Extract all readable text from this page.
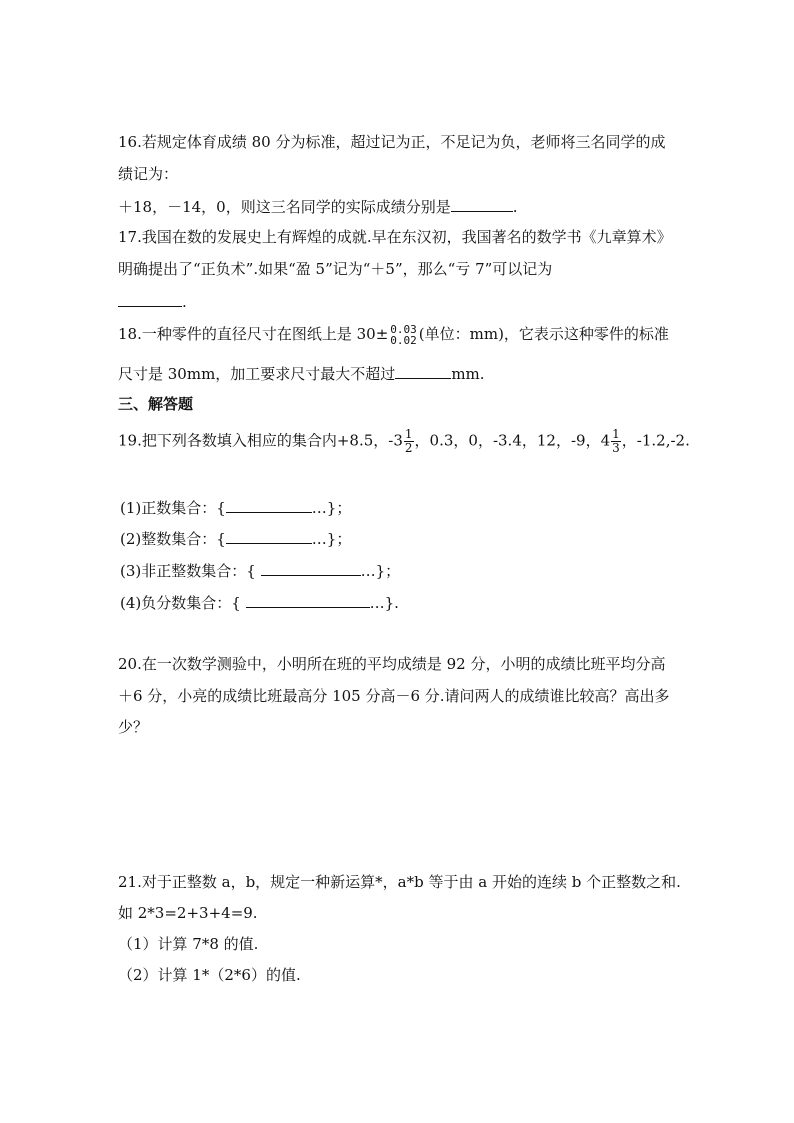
16.若规定体育成绩 80 分为标准，超过记为正，不足记为负，老师将三名同学的成
绩记为：
＋18，－14，0，则这三名同学的实际成绩分别是	.
17.我国在数的发展史上有辉煌的成就.早在东汉初，我国著名的数学书《九章算术》
明确提出了“正负术”.如果“盈 5”记为“＋5”，那么“亏 7”可以记为
.
18.一种零件的直径尺寸在图纸上是 30± 0.03
0.02 (单位：mm)，它表示这种零件的标准
尺寸是 30mm，加工要求尺寸最大不超过	mm.
三、解答题
19.把下列各数填入相应的集合内+8.5，$-3 \frac{1}{2}$ ，0.3，0，-3.4，12，-9，$4 \frac{1}{3}$ ，-1.2,-2.
(1)正数集合：{	…}；
(2)整数集合：{	…}；
(3)非正整数集合：{	…}；
(4)负分数集合：{	…}.
20.在一次数学测验中，小明所在班的平均成绩是 92 分，小明的成绩比班平均分高
＋6 分，小亮的成绩比班最高分 105 分高－6 分.请问两人的成绩谁比较高？高出多
少？
21.对于正整数 a，b，规定一种新运算*，a*b 等于由 a 开始的连续 b 个正整数之和.
如 2*3=2+3+4=9.
（1）计算 7*8 的值.
（2）计算 1*（2*6）的值.
